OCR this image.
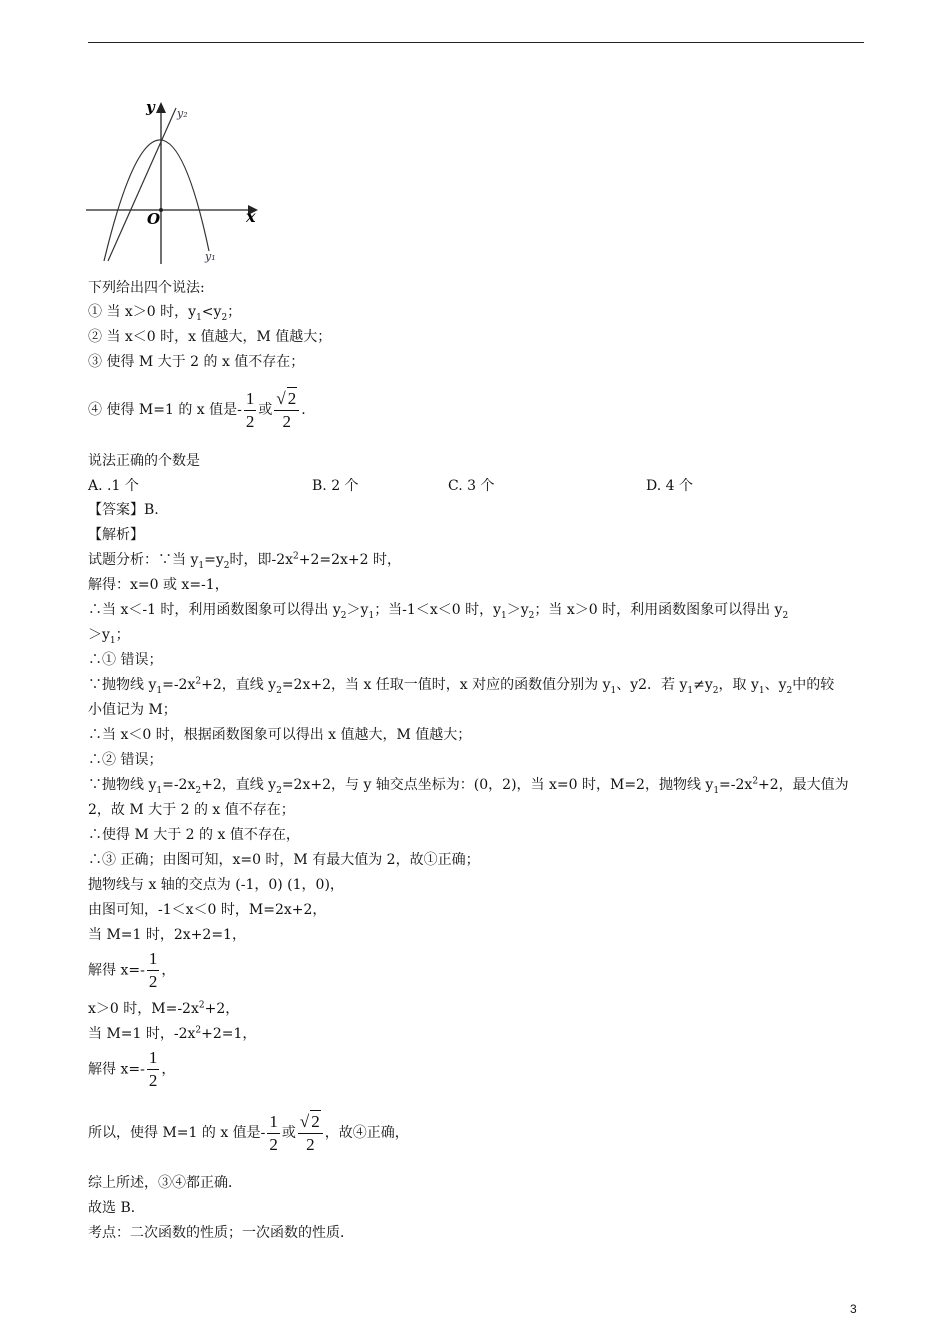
y y₂
O	x
y₁
下列给出四个说法:
① 当 x＞0 时，$y_1<y_2$；
② 当 x＜0 时，x 值越大，M 值越大；
③ 使得 M 大于 2 的 x 值不存在；
④ 使得 M=1 的 x 值是- $\frac{1}{2}$ 或 $\frac{√ 2}{2}$ .
说法正确的个数是
A. .1 个	B. 2 个	C. 3 个	D. 4 个
【答案】B.
【解析】
试题分析：∵当 $y_1=y_2$时，即$-2x^2+2=2x+2$ 时，
解得：x=0 或 x=-1，
∴当 x＜-1 时，利用函数图象可以得出 $y_2>y_1$；当-1＜x＜0 时，$y_1>y_2$；当 x＞0 时，利用函数图象可以得出 $y_2$
$>y_1$；
∴① 错误；
∵抛物线 $y_1=-2x^2+2$，直线 $y_2=2x+2$，当 x 任取一值时，x 对应的函数值分别为 $y_1$、y2．若 $y_1\ne y_2$，取 $y_1$、$y_2$中的较
小值记为 M；
∴当 x＜0 时，根据函数图象可以得出 x 值越大，M 值越大；
∴② 错误；
∵抛物线 $y_1=-2x_2+2$，直线 $y_2=2x+2$，与 y 轴交点坐标为：(0，2)，当 x=0 时，M=2，抛物线 $y_1=-2x^2+2$，最大值为
2，故 M 大于 2 的 x 值不存在；
∴使得 M 大于 2 的 x 值不存在，
∴③ 正确；由图可知，x=0 时，M 有最大值为 2，故①正确；
抛物线与 x 轴的交点为 (-1，0) (1，0)，
由图可知，-1＜x＜0 时，M=2x+2，
当 M=1 时，2x+2=1，
解得 $x=- \frac{1}{2}$ ，
x＞0 时，$M=-2x^2+2$，
当 M=1 时，$-2x^2+2=1$，
解得 $x=- \frac{1}{2}$ ，
所以，使得 M=1 的 x 值是- $\frac{1}{2}$ 或 $\frac{√ 2}{2}$ ，故④正确，
综上所述，③④都正确．
故选 B．
考点：二次函数的性质；一次函数的性质．
3
